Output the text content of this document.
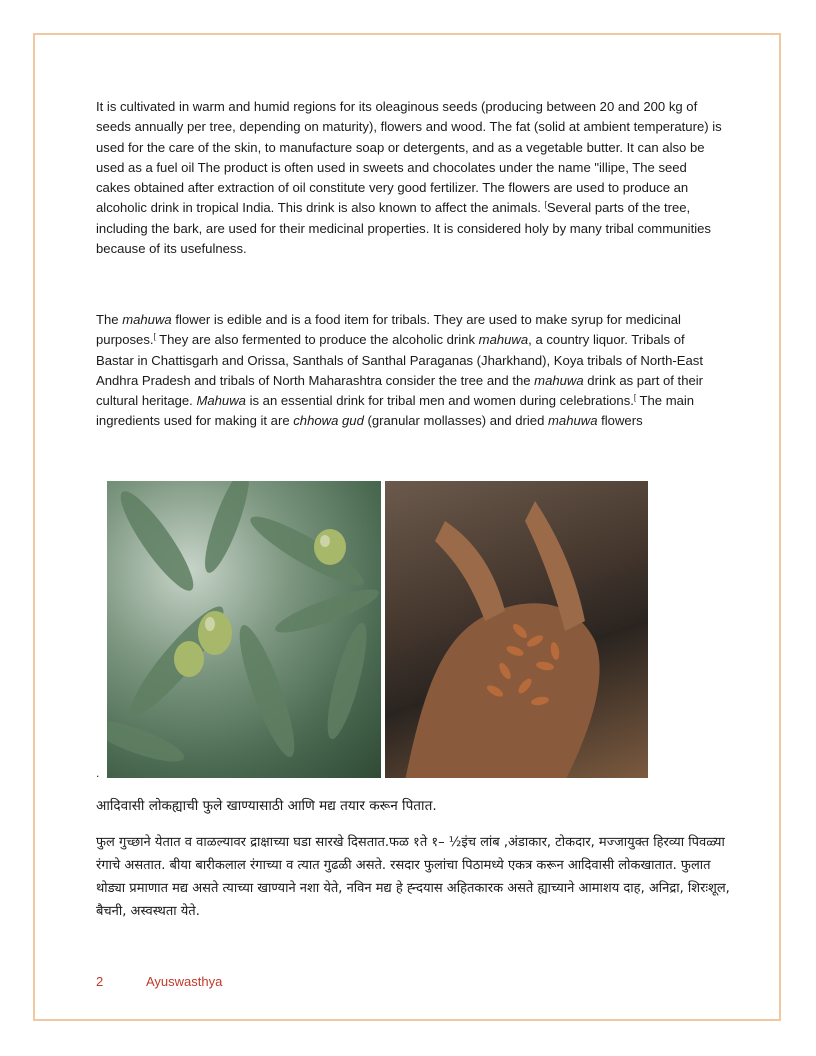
It is cultivated in warm and humid regions for its oleaginous seeds (producing between 20 and 200 kg of seeds annually per tree, depending on maturity), flowers and wood. The fat (solid at ambient temperature) is used for the care of the skin, to manufacture soap or detergents, and as a vegetable butter. It can also be used as a fuel oil The product is often used in sweets and chocolates under the name "illipe, The seed cakes obtained after extraction of oil constitute very good fertilizer. The flowers are used to produce an alcoholic drink in tropical India. This drink is also known to affect the animals. [Several parts of the tree, including the bark, are used for their medicinal properties. It is considered holy by many tribal communities because of its usefulness.

The mahuwa flower is edible and is a food item for tribals. They are used to make syrup for medicinal purposes.[ They are also fermented to produce the alcoholic drink mahuwa, a country liquor. Tribals of Bastar in Chattisgarh and Orissa, Santhals of Santhal Paraganas (Jharkhand), Koya tribals of North-East Andhra Pradesh and tribals of North Maharashtra consider the tree and the mahuwa drink as part of their cultural heritage. Mahuwa is an essential drink for tribal men and women during celebrations.[ The main ingredients used for making it are chhowa gud (granular mollasses) and dried mahuwa flowers

.

आदिवासी लोकह्याची फुले खाण्यासाठी आणि मद्य तयार करून पितात.

फुल गुच्छाने येतात व वाळल्यावर द्राक्षाच्या घडा सारखे दिसतात.फळ १ते १– ½इंच लांब ,अंडाकार, टोकदार, मज्जायुक्त हिरव्या पिवळ्या रंगाचे असतात. बीया बारीकलाल रंगाच्या व त्यात गुढळी असते. रसदार फुलांचा पिठामध्ये एकत्र करून आदिवासी लोकखातात. फुलात थोड्या प्रमाणात मद्य असते त्याच्या खाण्याने नशा येते, नविन मद्य हे ह्न्दयास अहितकारक असते ह्याच्याने आमाशय दाह, अनिद्रा, शिरःशूल, बैचनी, अस्वस्थता येते.

2	Ayuswasthya
